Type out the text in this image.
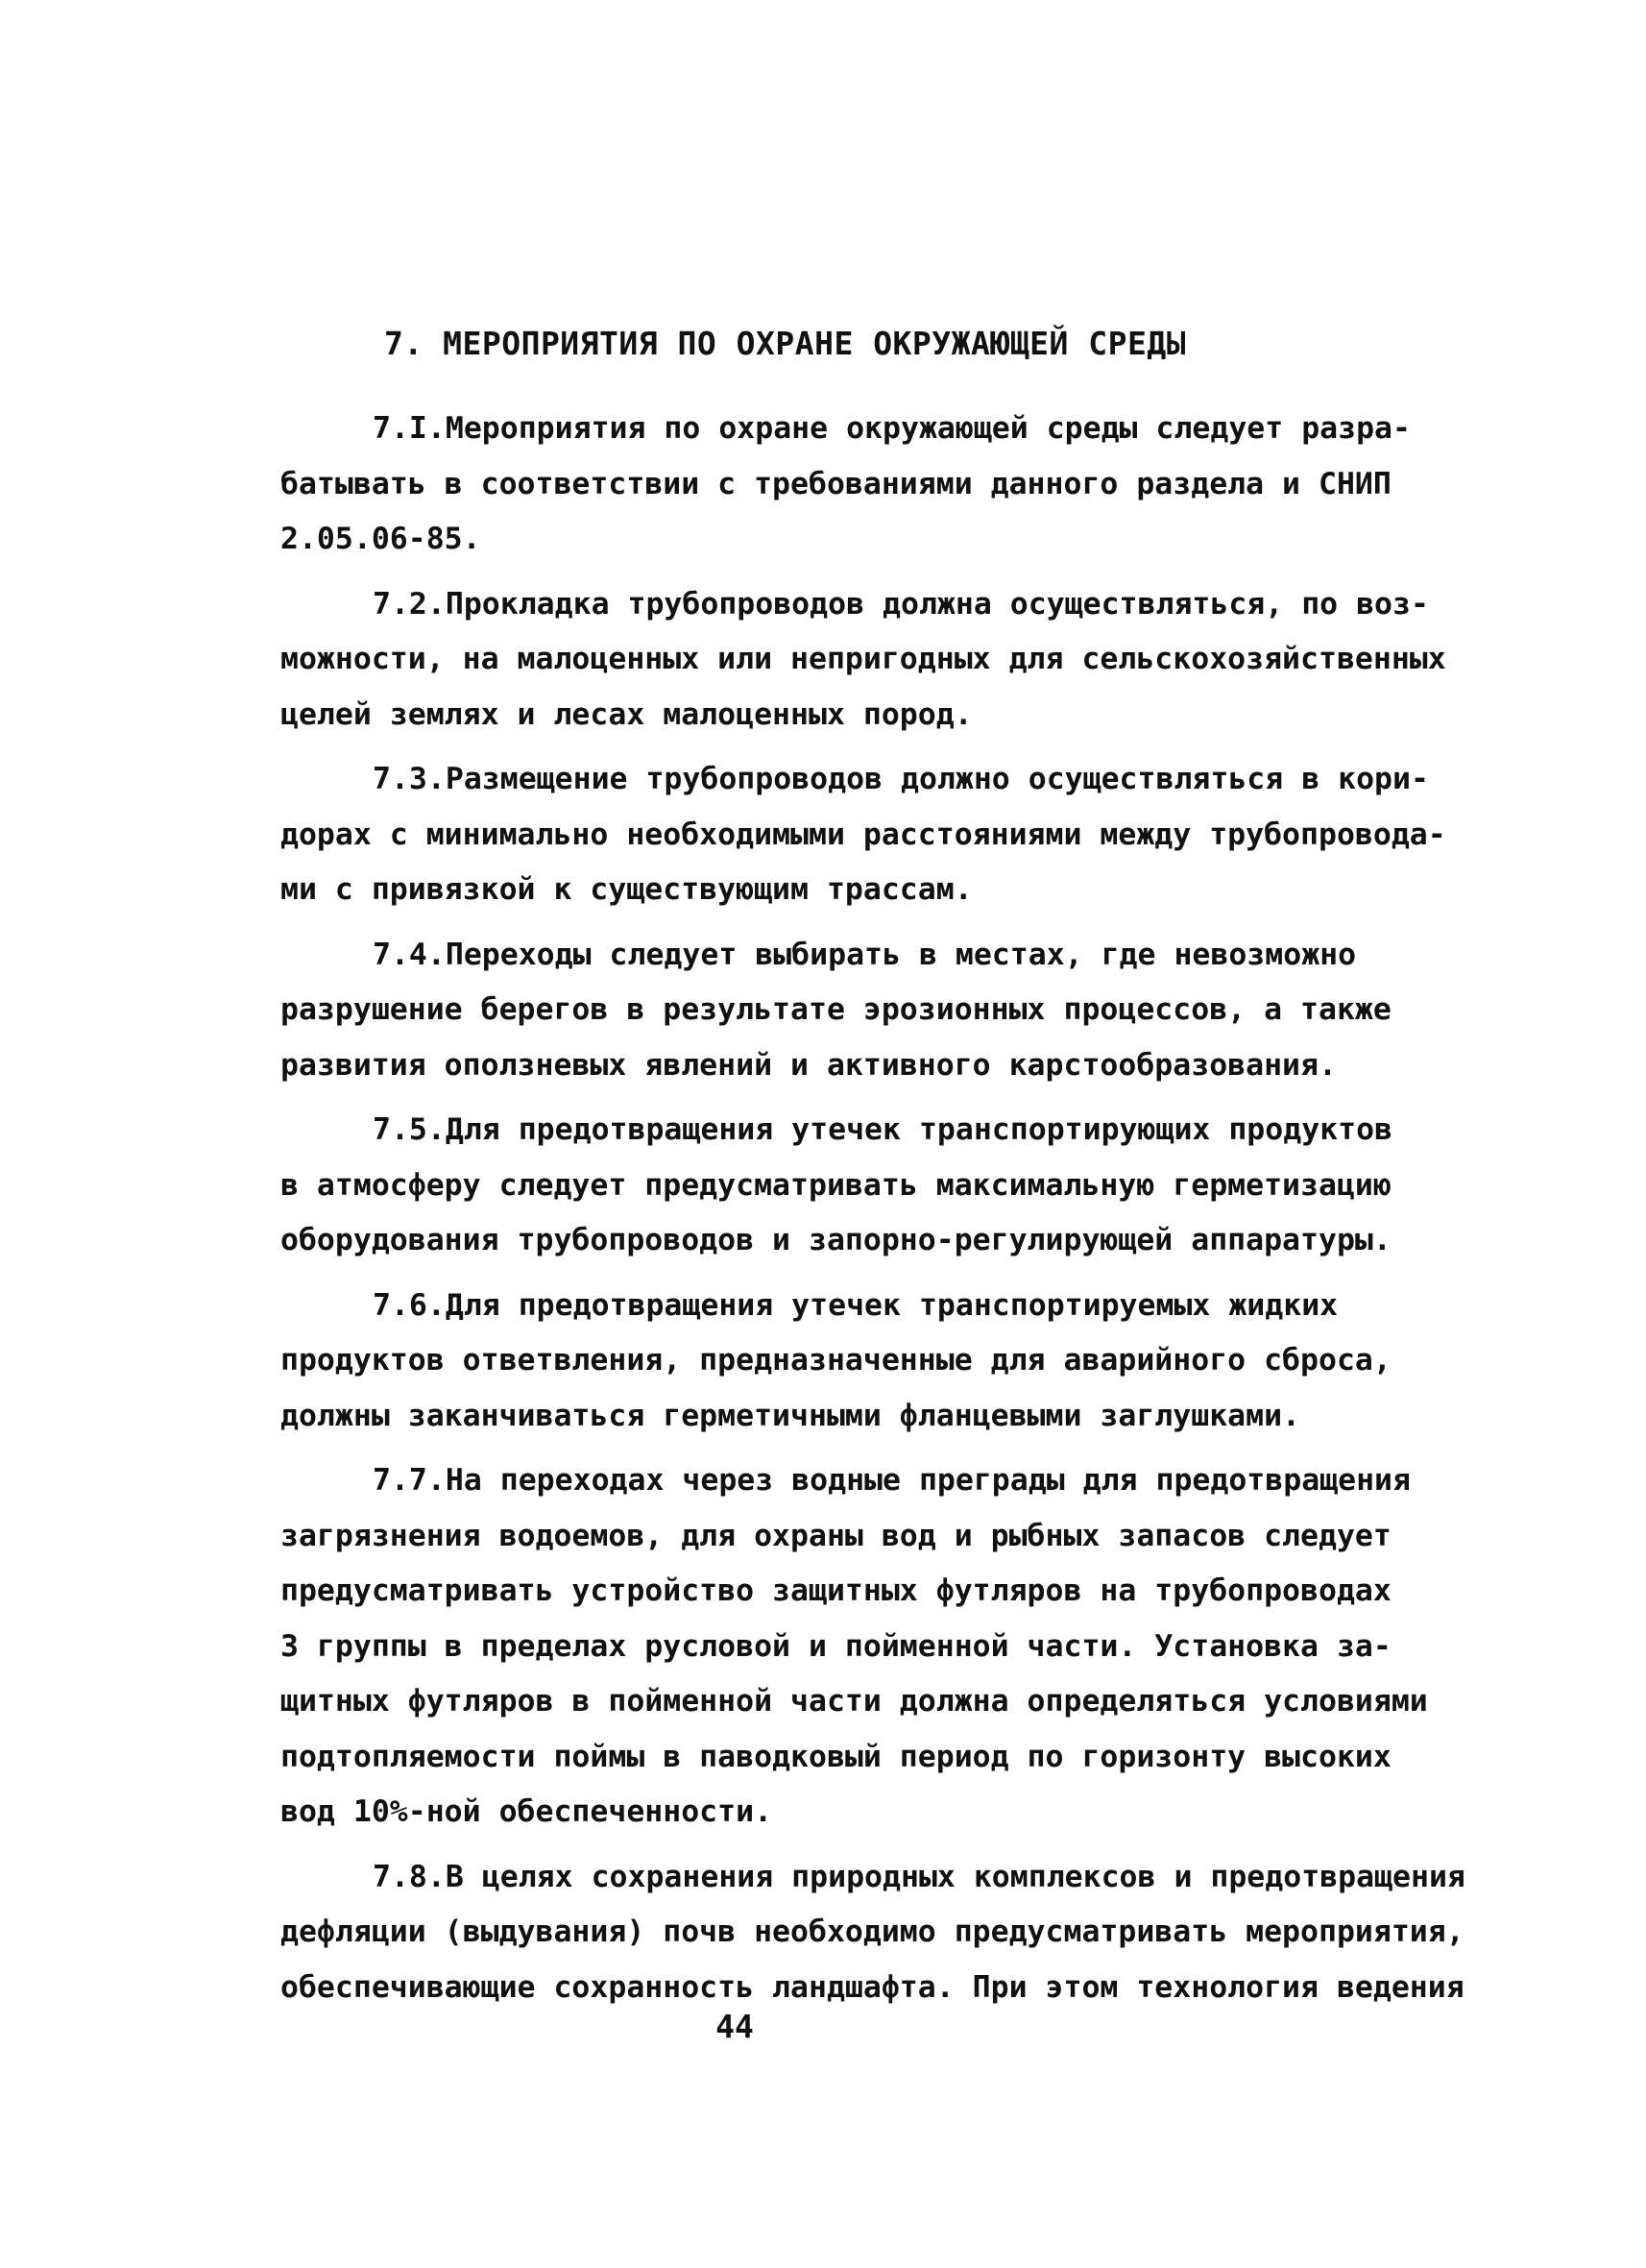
7. МЕРОПРИЯТИЯ ПО ОХРАНЕ ОКРУЖАЮЩЕЙ СРЕДЫ
7.I.Мероприятия по охране окружающей среды следует разра-
батывать в соответствии с требованиями данного раздела и СНИП
2.05.06-85.
7.2.Прокладка трубопроводов должна осуществляться, по воз-
можности, на малоценных или непригодных для сельскохозяйственных
целей землях и лесах малоценных пород.
7.3.Размещение трубопроводов должно осуществляться в кори-
дорах с минимально необходимыми расстояниями между трубопровода-
ми с привязкой к существующим трассам.
7.4.Переходы следует выбирать в местах, где невозможно
разрушение берегов в результате эрозионных процессов, а также
развития оползневых явлений и активного карстообразования.
7.5.Для предотвращения утечек транспортирующих продуктов
в атмосферу следует предусматривать максимальную герметизацию
оборудования трубопроводов и запорно-регулирующей аппаратуры.
7.6.Для предотвращения утечек транспортируемых жидких
продуктов ответвления, предназначенные для аварийного сброса,
должны заканчиваться герметичными фланцевыми заглушками.
7.7.На переходах через водные преграды для предотвращения
загрязнения водоемов, для охраны вод и рыбных запасов следует
предусматривать устройство защитных футляров на трубопроводах
3 группы в пределах русловой и пойменной части. Установка за-
щитных футляров в пойменной части должна определяться условиями
подтопляемости поймы в паводковый период по горизонту высоких
вод 10%-ной обеспеченности.
7.8.В целях сохранения природных комплексов и предотвращения
дефляции (выдувания) почв необходимо предусматривать мероприятия,
обеспечивающие сохранность ландшафта. При этом технология ведения
44
